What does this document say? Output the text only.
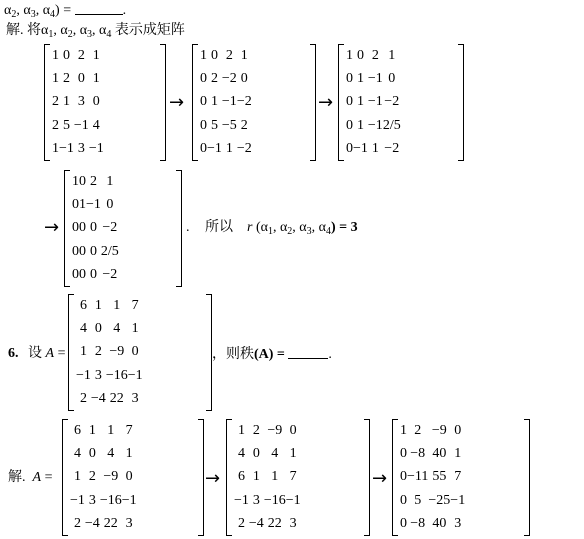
$\alpha_2$, $\alpha_3$, $\alpha_4$) =	.
解. 将$\alpha_1$, $\alpha_2$, $\alpha_3$, $\alpha_4$ 表示成矩阵
1	0	2	1
1	2	0	1
2	1	3	0
2	5	−1	4
1	−1	3	−1
→
1	0	2	1
0	2	−2	0
0	1	−1	−2
0	5	−5	2
0	−1	1	−2
→
1	0	2	1
0	1	−1	0
0	1	−1	−2
0	1	−1	2/5
0	−1	1	−2
→
1	0	2	1
0	1	−1	0
0	0	0	−2
0	0	0	2/5
0	0	0	−2
. 所以 r ($\alpha_1$, $\alpha_2$, $\alpha_3$, $\alpha_4) = 3$
6. 设 A =
6	1	1	7
4	0	4	1
1	2	−9	0
−1	3	−16	−1
2	−4	22	3
，则秩(A) =	.
解. A =
6	1	1	7
4	0	4	1
1	2	−9	0
−1	3	−16	−1
2	−4	22	3
→
1	2	−9	0
4	0	4	1
6	1	1	7
−1	3	−16	−1
2	−4	22	3
→
1	2	−9	0
0	−8	40	1
0	−11	55	7
0	5	−25	−1
0	−8	40	3
